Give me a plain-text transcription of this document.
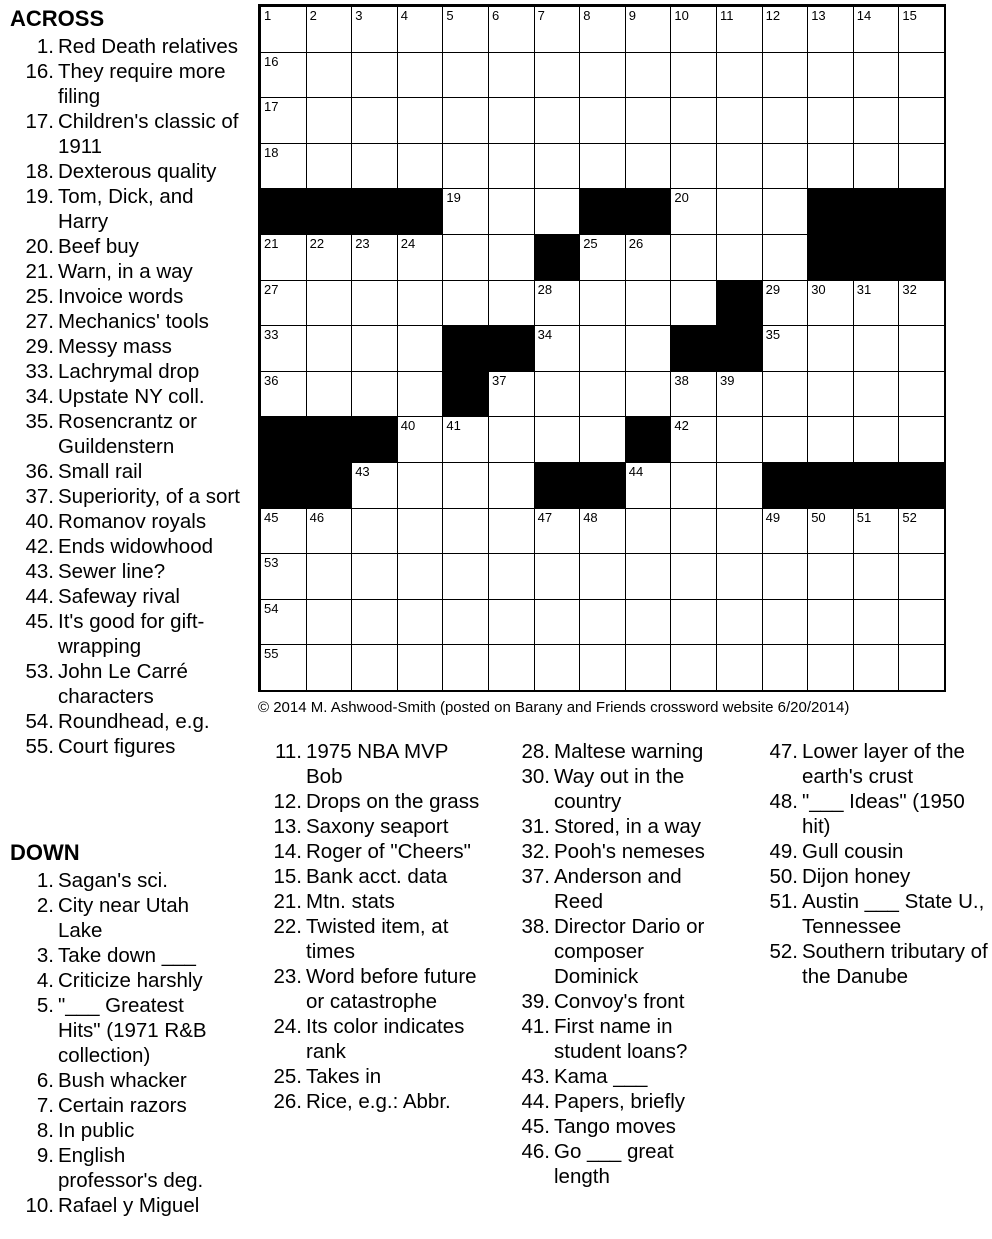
1	2	3	4	5	6	7	8	9	10 11 12 13 14 15
16
17
18
19	20
21 22 23 24	25 26
27	28	29 30 31 32
33	34	35
36	37	38 39
40 41	42
43	44
45 46	47 48	49 50 51 52
53
54
55
© 2014 M. Ashwood-Smith (posted on Barany and Friends crossword website 6/20/2014)
ACROSS
1. Red Death relatives
16. They require more filing
17. Children's classic of 1911
18. Dexterous quality
19. Tom, Dick, and Harry
20. Beef buy
21. Warn, in a way
25. Invoice words
27. Mechanics' tools
29. Messy mass
33. Lachrymal drop
34. Upstate NY coll.
35. Rosencrantz or Guildenstern
36. Small rail
37. Superiority, of a sort
40. Romanov royals
42. Ends widowhood
43. Sewer line?
44. Safeway rival
45. It's good for gift-wrapping
53. John Le Carré characters
54. Roundhead, e.g.
55. Court figures
DOWN
1. Sagan's sci.
2. City near Utah Lake
3. Take down ___
4. Criticize harshly
5. "___ Greatest Hits" (1971 R&B collection)
6. Bush whacker
7. Certain razors
8. In public
9. English professor's deg.
10. Rafael y Miguel
11. 1975 NBA MVP Bob
12. Drops on the grass
13. Saxony seaport
14. Roger of "Cheers"
15. Bank acct. data
21. Mtn. stats
22. Twisted item, at times
23. Word before future or catastrophe
24. Its color indicates rank
25. Takes in
26. Rice, e.g.: Abbr.
28. Maltese warning
30. Way out in the country
31. Stored, in a way
32. Pooh's nemeses
37. Anderson and Reed
38. Director Dario or composer Dominick
39. Convoy's front
41. First name in student loans?
43. Kama ___
44. Papers, briefly
45. Tango moves
46. Go ___ great length
47. Lower layer of the earth's crust
48. "___ Ideas" (1950 hit)
49. Gull cousin
50. Dijon honey
51. Austin ___ State U., Tennessee
52. Southern tributary of the Danube
